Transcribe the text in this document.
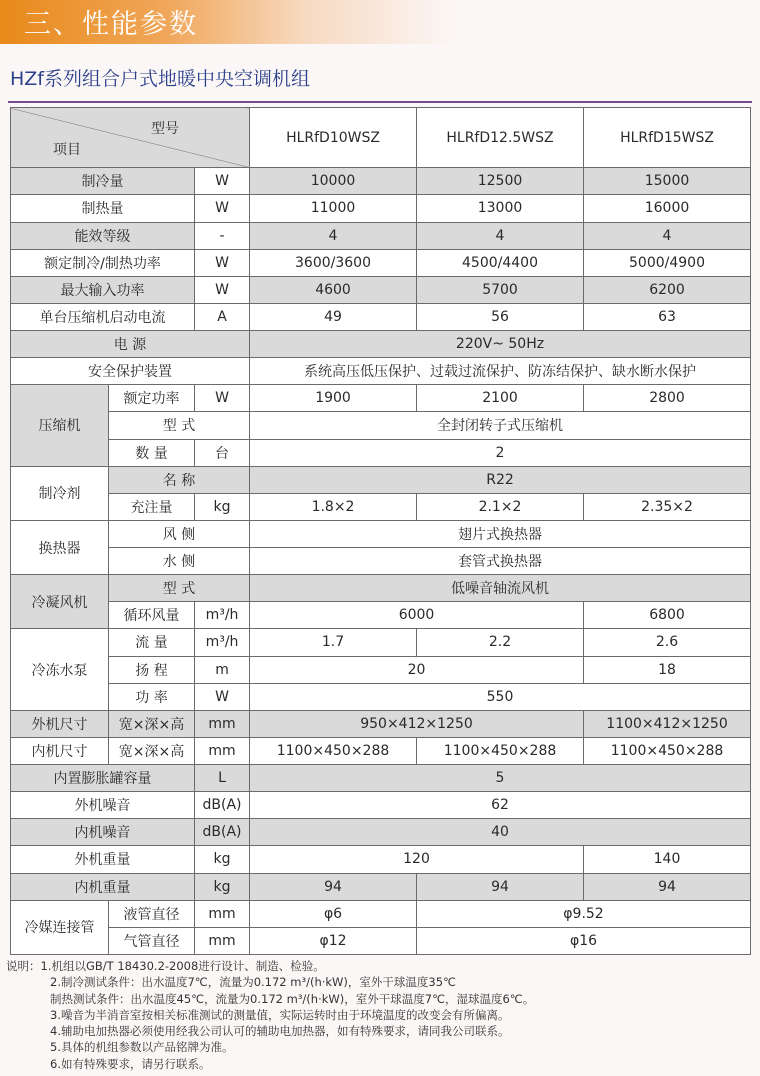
三、性能参数
HZf系列组合户式地暖中央空调机组
型号
项目			HLRfD10WSZ	HLRfD12.5WSZ	HLRfD15WSZ
制冷量		W	10000	12500	15000
制热量		W	11000	13000	16000
能效等级		-	4	4	4
额定制冷/制热功率		W	3600/3600	4500/4400	5000/4900
最大输入功率		W	4600	5700	6200
单台压缩机启动电流		A	49	56	63
电 源			220V~ 50Hz		
安全保护装置			系统高压低压保护、过载过流保护、防冻结保护、缺水断水保护		
压缩机	额定功率	W	1900	2100	2800
	型 式		全封闭转子式压缩机		
	数 量	台	2		
制冷剂	名 称		R22		
	充注量	kg	1.8×2	2.1×2	2.35×2
换热器	风 侧		翅片式换热器		
	水 侧		套管式换热器		
冷凝风机	型 式		低噪音轴流风机		
	循环风量	m³/h	6000		6800
冷冻水泵	流 量	m³/h	1.7	2.2	2.6
	扬 程	m	20		18
	功 率	W	550		
外机尺寸	宽×深×高	mm	950×412×1250		1100×412×1250
内机尺寸	宽×深×高	mm	1100×450×288	1100×450×288	1100×450×288
内置膨胀罐容量		L	5		
外机噪音		dB(A)	62		
内机噪音		dB(A)	40		
外机重量		kg	120		140
内机重量		kg	94	94	94
冷媒连接管	液管直径	mm	φ6	φ9.52	
	气管直径	mm	φ12	φ16	
说明：1.机组以GB/T 18430.2-2008进行设计、制造、检验。
2.制冷测试条件：出水温度7℃，流量为0.172 m³/(h·kW)，室外干球温度35℃
制热测试条件：出水温度45℃，流量为0.172 m³/(h·kW)，室外干球温度7℃，湿球温度6℃。
3.噪音为半消音室按相关标准测试的测量值，实际运转时由于环境温度的改变会有所偏离。
4.辅助电加热器必须使用经我公司认可的辅助电加热器，如有特殊要求，请同我公司联系。
5.具体的机组参数以产品铭牌为准。
6.如有特殊要求，请另行联系。
